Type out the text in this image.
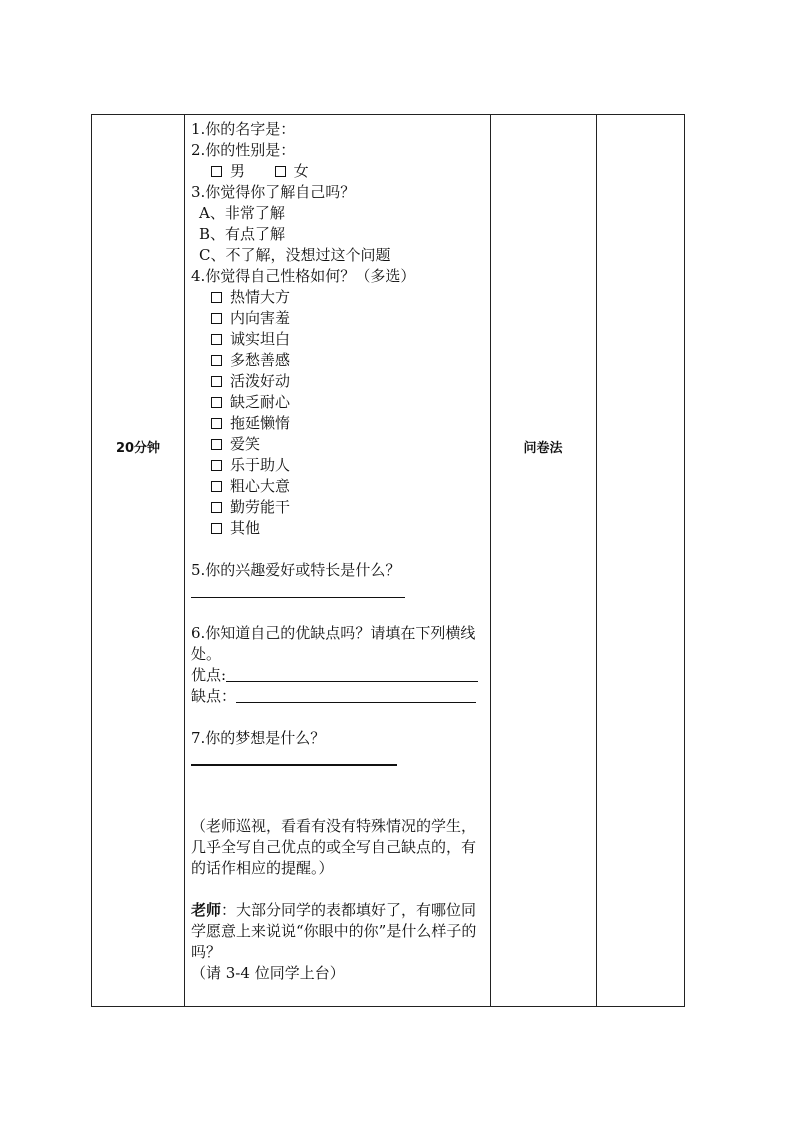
20分钟	问卷法
1.你的名字是：
2.你的性别是：
男	女
3.你觉得你了解自己吗？
A、非常了解
B、有点了解
C、不了解，没想过这个问题
4.你觉得自己性格如何？（多选）
热情大方
内向害羞
诚实坦白
多愁善感
活泼好动
缺乏耐心
拖延懒惰
爱笑
乐于助人
粗心大意
勤劳能干
其他
5.你的兴趣爱好或特长是什么？
6.你知道自己的优缺点吗？请填在下列横线处。
优点:
缺点：
7.你的梦想是什么？
（老师巡视，看看有没有特殊情况的学生，几乎全写自己优点的或全写自己缺点的，有的话作相应的提醒。）
老师：大部分同学的表都填好了，有哪位同学愿意上来说说“你眼中的你”是什么样子的吗？
（请 3-4 位同学上台）
